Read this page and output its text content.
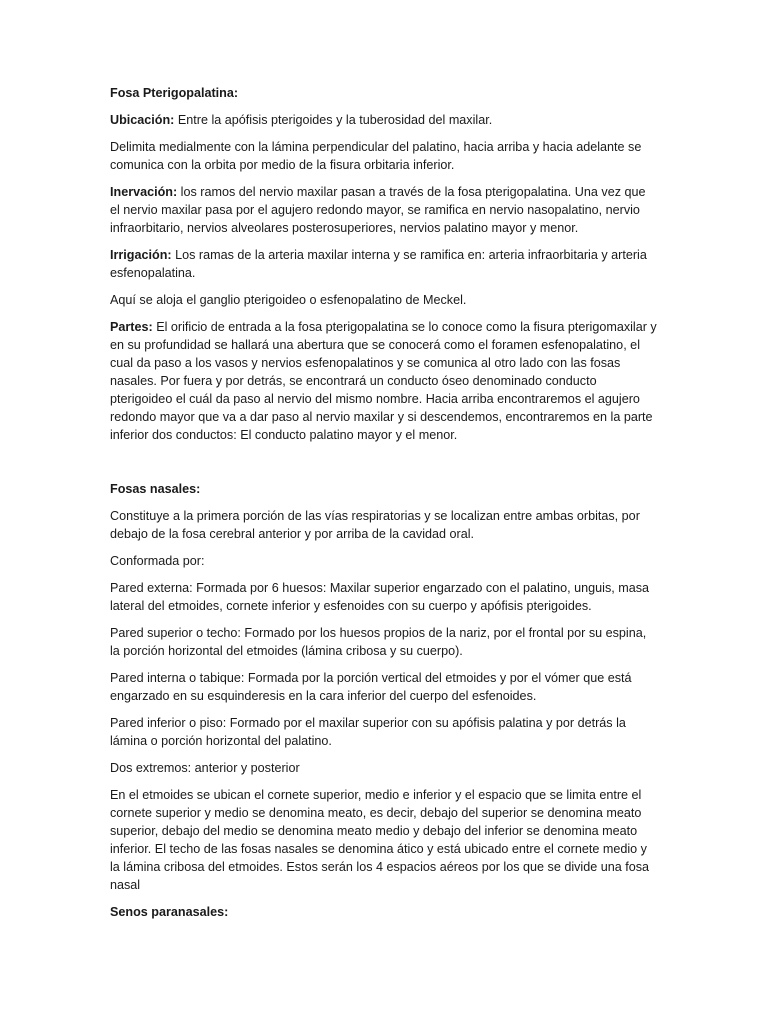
Fosa Pterigopalatina:

Ubicación: Entre la apófisis pterigoides y la tuberosidad del maxilar.

Delimita medialmente con la lámina perpendicular del palatino, hacia arriba y hacia adelante se comunica con la orbita por medio de la fisura orbitaria inferior.

Inervación: los ramos del nervio maxilar pasan a través de la fosa pterigopalatina. Una vez que el nervio maxilar pasa por el agujero redondo mayor, se ramifica en nervio nasopalatino, nervio infraorbitario, nervios alveolares posterosuperiores, nervios palatino mayor y menor.

Irrigación: Los ramas de la arteria maxilar interna y se ramifica en: arteria infraorbitaria y arteria esfenopalatina.

Aquí se aloja el ganglio pterigoideo o esfenopalatino de Meckel.

Partes: El orificio de entrada a la fosa pterigopalatina se lo conoce como la fisura pterigomaxilar y en su profundidad se hallará una abertura que se conocerá como el foramen esfenopalatino, el cual da paso a los vasos y nervios esfenopalatinos y se comunica al otro lado con las fosas nasales. Por fuera y por detrás, se encontrará un conducto óseo denominado conducto pterigoideo el cuál da paso al nervio del mismo nombre. Hacia arriba encontraremos el agujero redondo mayor que va a dar paso al nervio maxilar y si descendemos, encontraremos en la parte inferior dos conductos: El conducto palatino mayor y el menor.

Fosas nasales:

Constituye a la primera porción de las vías respiratorias y se localizan entre ambas orbitas, por debajo de la fosa cerebral anterior y por arriba de la cavidad oral.

Conformada por:

Pared externa: Formada por 6 huesos: Maxilar superior engarzado con el palatino, unguis, masa lateral del etmoides, cornete inferior y esfenoides con su cuerpo y apófisis pterigoides.

Pared superior o techo: Formado por los huesos propios de la nariz, por el frontal por su espina, la porción horizontal del etmoides (lámina cribosa y su cuerpo).

Pared interna o tabique: Formada por la porción vertical del etmoides y por el vómer que está engarzado en su esquinderesis en la cara inferior del cuerpo del esfenoides.

Pared inferior o piso: Formado por el maxilar superior con su apófisis palatina y por detrás la lámina o porción horizontal del palatino.

Dos extremos: anterior y posterior

En el etmoides se ubican el cornete superior, medio e inferior y el espacio que se limita entre el cornete superior y medio se denomina meato, es decir, debajo del superior se denomina meato superior, debajo del medio se denomina meato medio y debajo del inferior se denomina meato inferior. El techo de las fosas nasales se denomina ático y está ubicado entre el cornete medio y la lámina cribosa del etmoides. Estos serán los 4 espacios aéreos por los que se divide una fosa nasal

Senos paranasales:
